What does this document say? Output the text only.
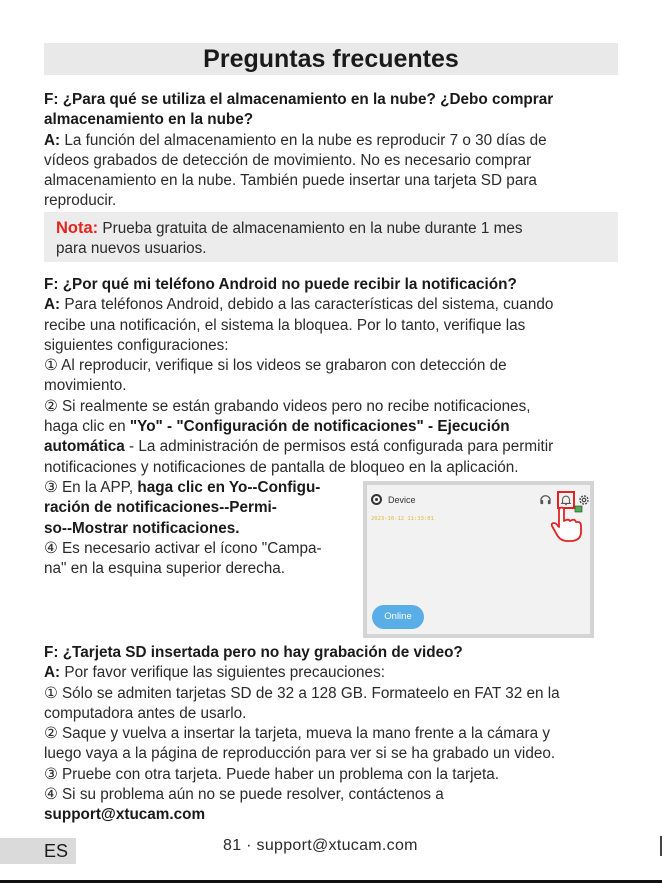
Preguntas frecuentes
F: ¿Para qué se utiliza el almacenamiento en la nube? ¿Debo comprar
almacenamiento en la nube?
A: La función del almacenamiento en la nube es reproducir 7 o 30 días de
vídeos grabados de detección de movimiento. No es necesario comprar
almacenamiento en la nube. También puede insertar una tarjeta SD para
reproducir.
Nota: Prueba gratuita de almacenamiento en la nube durante 1 mes
para nuevos usuarios.
F: ¿Por qué mi teléfono Android no puede recibir la notificación?
A: Para teléfonos Android, debido a las características del sistema, cuando
recibe una notificación, el sistema la bloquea. Por lo tanto, verifique las
siguientes configuraciones:
① Al reproducir, verifique si los videos se grabaron con detección de
movimiento.
② Si realmente se están grabando videos pero no recibe notificaciones,
haga clic en "Yo" - "Configuración de notificaciones" - Ejecución
automática - La administración de permisos está configurada para permitir
notificaciones y notificaciones de pantalla de bloqueo en la aplicación.
③ En la APP, haga clic en Yo--Configu-
ración de notificaciones--Permi-
so--Mostrar notificaciones.
④ Es necesario activar el ícono "Campa-
na" en la esquina superior derecha.
Device
2023-10-12 11:33:01
Online
F: ¿Tarjeta SD insertada pero no hay grabación de video?
A: Por favor verifique las siguientes precauciones:
① Sólo se admiten tarjetas SD de 32 a 128 GB. Formateelo en FAT 32 en la
computadora antes de usarlo.
② Saque y vuelva a insertar la tarjeta, mueva la mano frente a la cámara y
luego vaya a la página de reproducción para ver si se ha grabado un video.
③ Pruebe con otra tarjeta. Puede haber un problema con la tarjeta.
④ Si su problema aún no se puede resolver, contáctenos a
support@xtucam.com
ES	81 · support@xtucam.com
